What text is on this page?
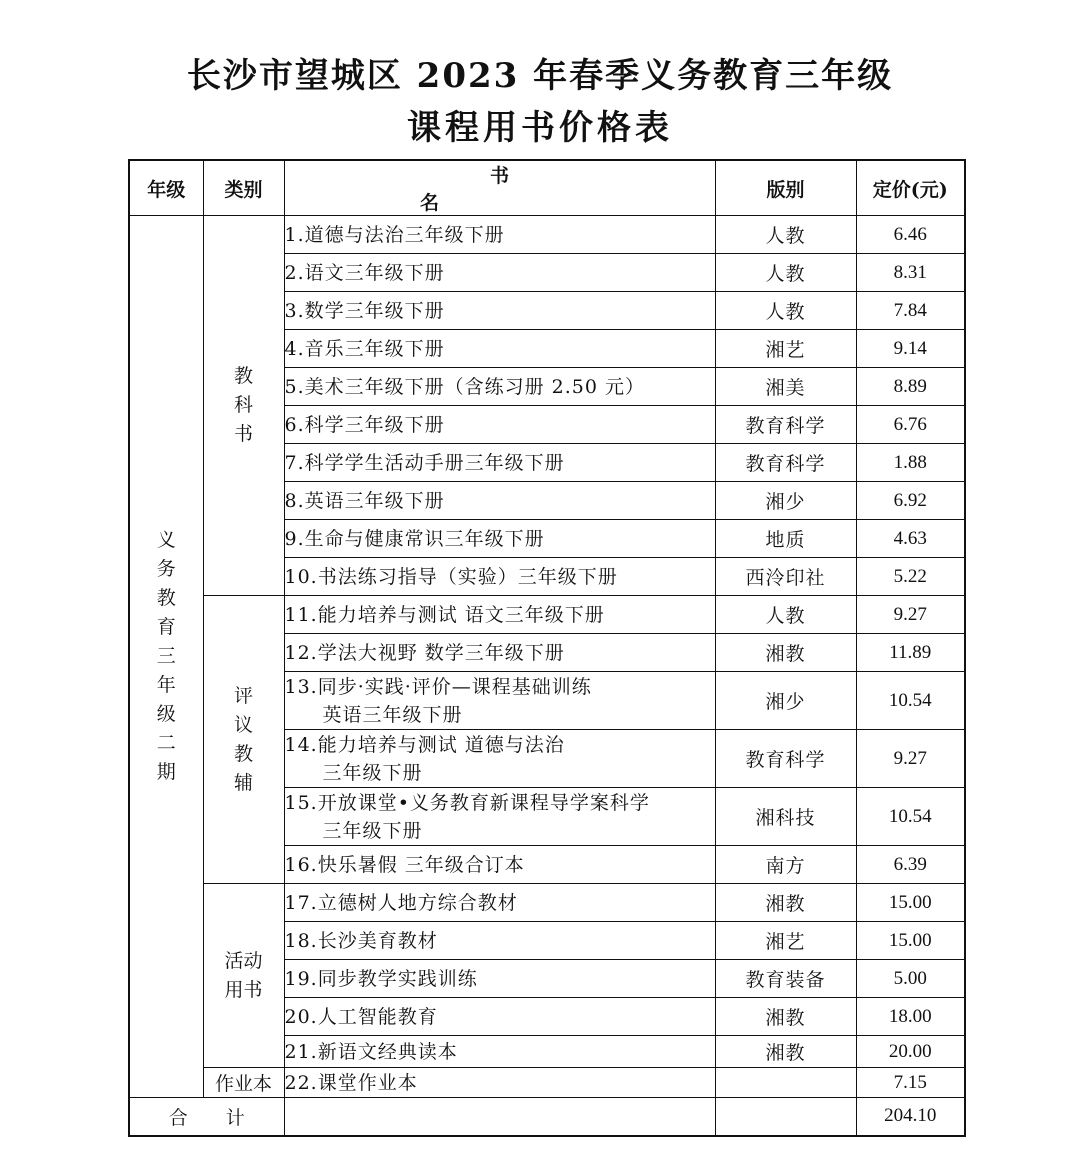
长沙市望城区 2023 年春季义务教育三年级
课程用书价格表
年级	类别	书名	版别	定价(元)
义务教育三年级二期	教科书	1.道德与法治三年级下册	人教	6.46
		2.语文三年级下册	人教	8.31
		3.数学三年级下册	人教	7.84
		4.音乐三年级下册	湘艺	9.14
		5.美术三年级下册（含练习册 2.50 元）	湘美	8.89
		6.科学三年级下册	教育科学	6.76
		7.科学学生活动手册三年级下册	教育科学	1.88
		8.英语三年级下册	湘少	6.92
		9.生命与健康常识三年级下册	地质	4.63
		10.书法练习指导（实验）三年级下册	西泠印社	5.22
	评议教辅	11.能力培养与测试 语文三年级下册	人教	9.27
		12.学法大视野 数学三年级下册	湘教	11.89
		13.同步·实践·评价—课程基础训练
英语三年级下册	湘少	10.54
		14.能力培养与测试 道德与法治
三年级下册	教育科学	9.27
		15.开放课堂•义务教育新课程导学案科学
三年级下册	湘科技	10.54
		16.快乐暑假 三年级合订本	南方	6.39
	活动用书	17.立德树人地方综合教材	湘教	15.00
		18.长沙美育教材	湘艺	15.00
		19.同步教学实践训练	教育装备	5.00
		20.人工智能教育	湘教	18.00
		21.新语文经典读本	湘教	20.00
	作业本	22.课堂作业本		7.15
合计				204.10
